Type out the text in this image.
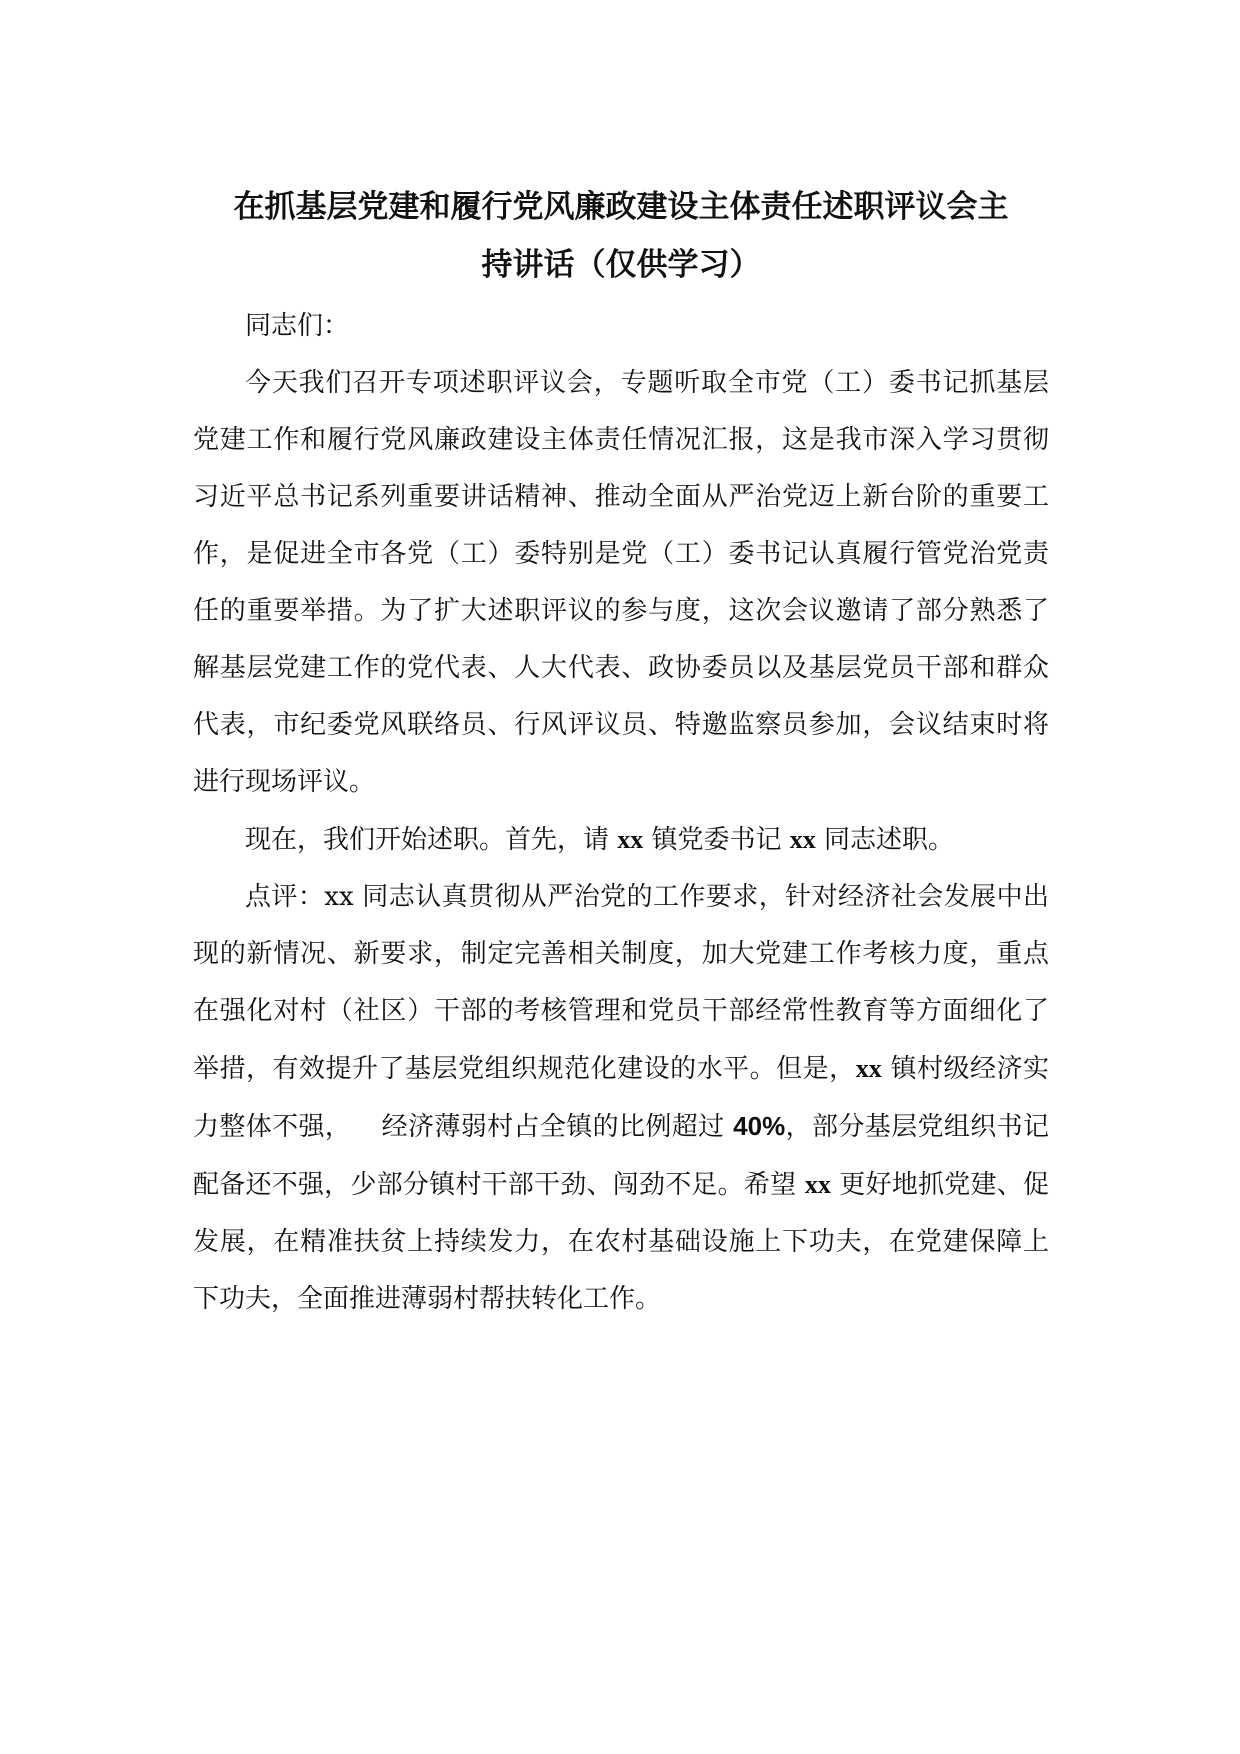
在抓基层党建和履行党风廉政建设主体责任述职评议会主
持讲话（仅供学习）

同志们：

今天我们召开专项述职评议会，专题听取全市党（工）委书记抓基层党建工作和履行党风廉政建设主体责任情况汇报，这是我市深入学习贯彻习近平总书记系列重要讲话精神、推动全面从严治党迈上新台阶的重要工作，是促进全市各党（工）委特别是党（工）委书记认真履行管党治党责任的重要举措。为了扩大述职评议的参与度，这次会议邀请了部分熟悉了解基层党建工作的党代表、人大代表、政协委员以及基层党员干部和群众代表，市纪委党风联络员、行风评议员、特邀监察员参加，会议结束时将进行现场评议。

现在，我们开始述职。首先，请 xx 镇党委书记 xx 同志述职。

点评：xx 同志认真贯彻从严治党的工作要求，针对经济社会发展中出现的新情况、新要求，制定完善相关制度，加大党建工作考核力度，重点在强化对村（社区）干部的考核管理和党员干部经常性教育等方面细化了举措，有效提升了基层党组织规范化建设的水平。但是，xx 镇村级经济实力整体不强， 经济薄弱村占全镇的比例超过 40%，部分基层党组织书记配备还不强，少部分镇村干部干劲、闯劲不足。希望 xx 更好地抓党建、促发展，在精准扶贫上持续发力，在农村基础设施上下功夫，在党建保障上下功夫，全面推进薄弱村帮扶转化工作。
